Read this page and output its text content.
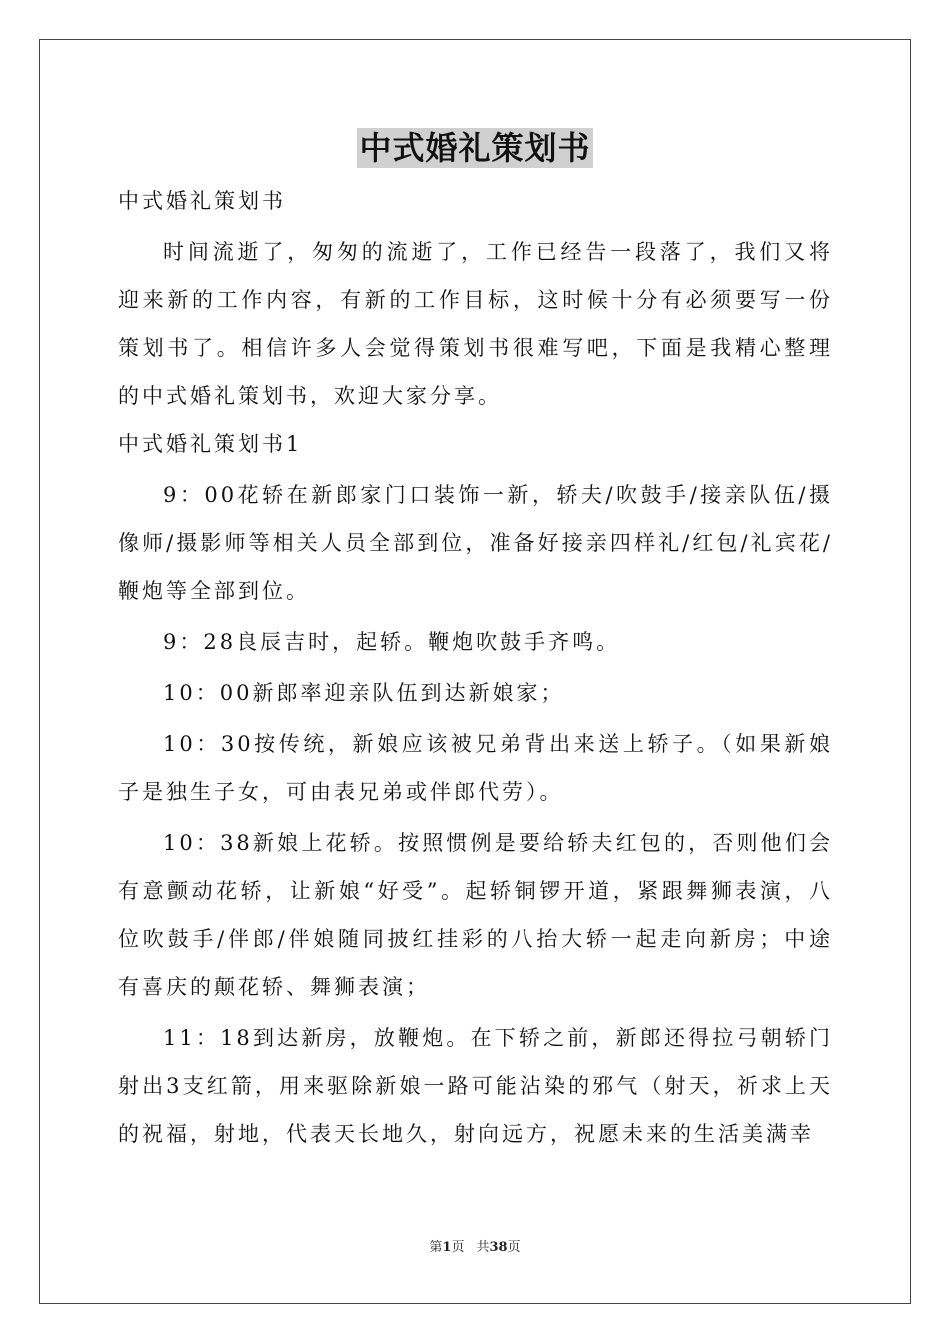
中式婚礼策划书

中式婚礼策划书

时间流逝了，匆匆的流逝了，工作已经告一段落了，我们又将迎来新的工作内容，有新的工作目标，这时候十分有必须要写一份策划书了。相信许多人会觉得策划书很难写吧，下面是我精心整理的中式婚礼策划书，欢迎大家分享。

中式婚礼策划书1

9：00花轿在新郎家门口装饰一新，轿夫/吹鼓手/接亲队伍/摄像师/摄影师等相关人员全部到位，准备好接亲四样礼/红包/礼宾花/鞭炮等全部到位。

9：28良辰吉时，起轿。鞭炮吹鼓手齐鸣。

10：00新郎率迎亲队伍到达新娘家；

10：30按传统，新娘应该被兄弟背出来送上轿子。（如果新娘子是独生子女，可由表兄弟或伴郎代劳）。

10：38新娘上花轿。按照惯例是要给轿夫红包的，否则他们会有意颤动花轿，让新娘“好受”。起轿铜锣开道，紧跟舞狮表演，八位吹鼓手/伴郎/伴娘随同披红挂彩的八抬大轿一起走向新房；中途有喜庆的颠花轿、舞狮表演；

11：18到达新房，放鞭炮。在下轿之前，新郎还得拉弓朝轿门射出3支红箭，用来驱除新娘一路可能沾染的邪气（射天，祈求上天的祝福，射地，代表天长地久，射向远方，祝愿未来的生活美满幸

第1页 共38页
